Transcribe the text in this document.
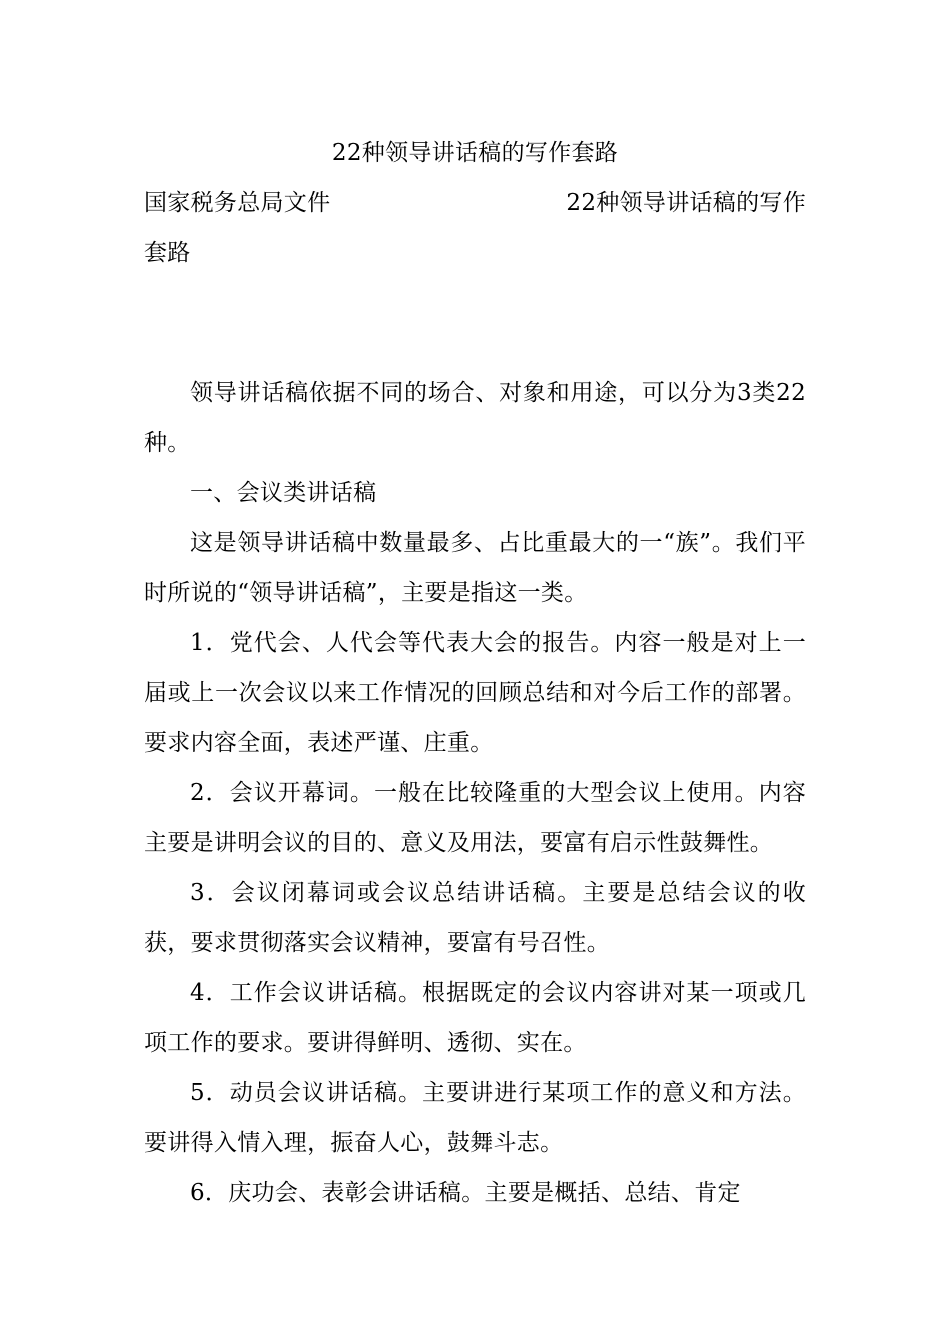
22种领导讲话稿的写作套路
国家税务总局文件	22种领导讲话稿的写作
套路

领导讲话稿依据不同的场合、对象和用途，可以分为3类22种。

一、会议类讲话稿

这是领导讲话稿中数量最多、占比重最大的一“族”。我们平时所说的“领导讲话稿”，主要是指这一类。

1．党代会、人代会等代表大会的报告。内容一般是对上一届或上一次会议以来工作情况的回顾总结和对今后工作的部署。要求内容全面，表述严谨、庄重。

2．会议开幕词。一般在比较隆重的大型会议上使用。内容主要是讲明会议的目的、意义及用法，要富有启示性鼓舞性。

3．会议闭幕词或会议总结讲话稿。主要是总结会议的收获，要求贯彻落实会议精神，要富有号召性。

4．工作会议讲话稿。根据既定的会议内容讲对某一项或几项工作的要求。要讲得鲜明、透彻、实在。

5．动员会议讲话稿。主要讲进行某项工作的意义和方法。要讲得入情入理，振奋人心，鼓舞斗志。

6．庆功会、表彰会讲话稿。主要是概括、总结、肯定
